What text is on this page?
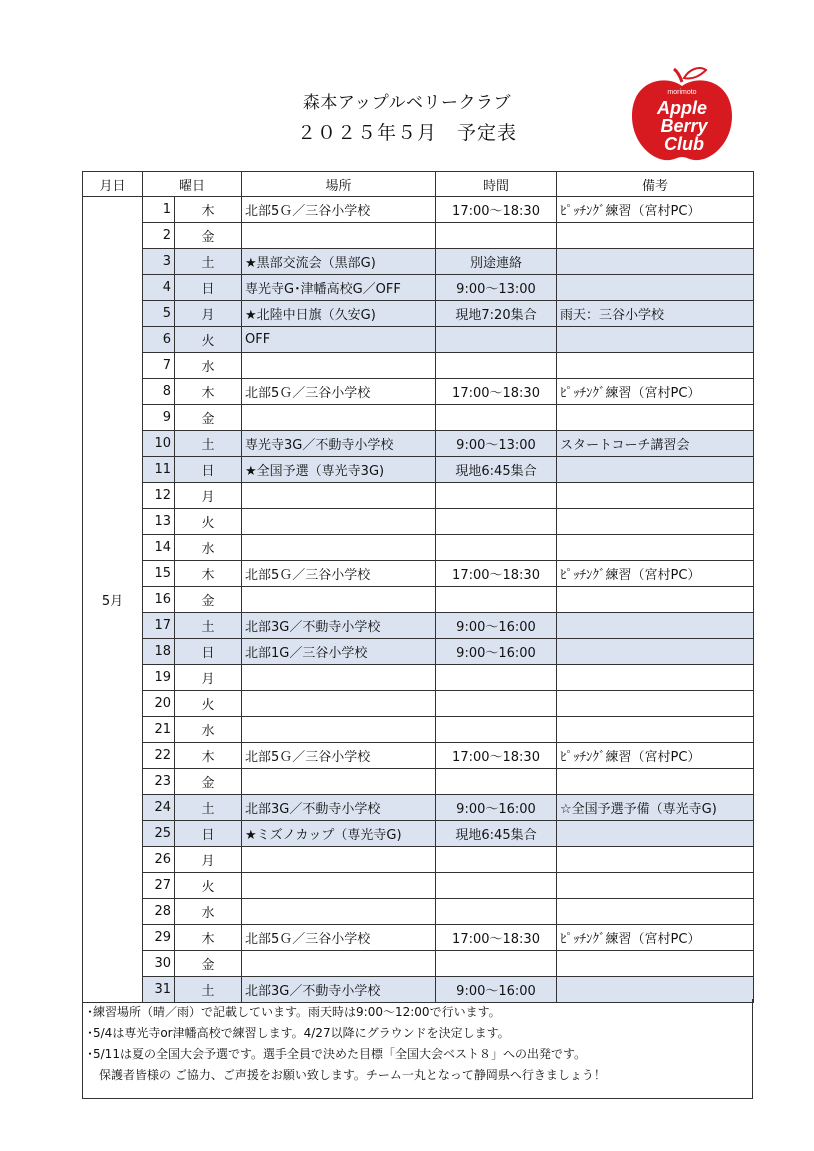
森本アップルベリークラブ
２０２５年５月　予定表
morimoto
Apple
Berry
Club
月日	曜日		場所	時間	備考
5月	1	木	北部5Ｇ／三谷小学校	17:00～18:30	ﾋﾟｯﾁﾝｸﾞ練習（宮村PC）
	2	金			
	3	土	★黒部交流会（黒部G)	別途連絡	
	4	日	専光寺G･津幡高校G／OFF	9:00～13:00	
	5	月	★北陸中日旗（久安G)	現地7:20集合	雨天：三谷小学校
	6	火	OFF		
	7	水			
	8	木	北部5Ｇ／三谷小学校	17:00～18:30	ﾋﾟｯﾁﾝｸﾞ練習（宮村PC）
	9	金			
	10	土	専光寺3G／不動寺小学校	9:00～13:00	スタートコーチ講習会
	11	日	★全国予選（専光寺3G)	現地6:45集合	
	12	月			
	13	火			
	14	水			
	15	木	北部5Ｇ／三谷小学校	17:00～18:30	ﾋﾟｯﾁﾝｸﾞ練習（宮村PC）
	16	金			
	17	土	北部3G／不動寺小学校	9:00～16:00	
	18	日	北部1G／三谷小学校	9:00～16:00	
	19	月			
	20	火			
	21	水			
	22	木	北部5Ｇ／三谷小学校	17:00～18:30	ﾋﾟｯﾁﾝｸﾞ練習（宮村PC）
	23	金			
	24	土	北部3G／不動寺小学校	9:00～16:00	☆全国予選予備（専光寺G)
	25	日	★ミズノカップ（専光寺G)	現地6:45集合	
	26	月			
	27	火			
	28	水			
	29	木	北部5Ｇ／三谷小学校	17:00～18:30	ﾋﾟｯﾁﾝｸﾞ練習（宮村PC）
	30	金			
	31	土	北部3G／不動寺小学校	9:00～16:00	
･練習場所（晴／雨）で記載しています。雨天時は9:00～12:00で行います。
･5/4は専光寺or津幡高校で練習します。4/27以降にグラウンドを決定します。
･5/11は夏の全国大会予選です。選手全員で決めた目標「全国大会ベスト８」への出発です。
　保護者皆様の ご協力、ご声援をお願い致します。チーム一丸となって静岡県へ行きましょう！
